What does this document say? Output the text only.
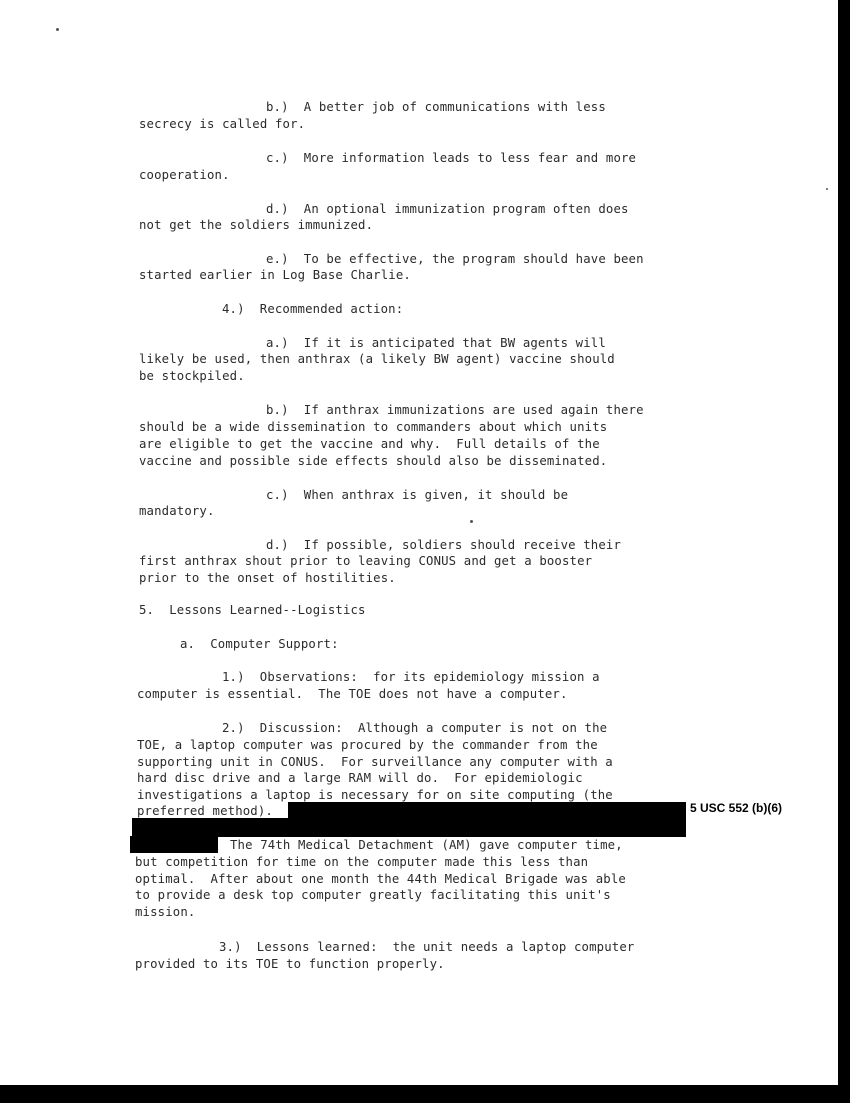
b.)  A better job of communications with less
secrecy is called for.
c.)  More information leads to less fear and more
cooperation.
d.)  An optional immunization program often does
not get the soldiers immunized.
e.)  To be effective, the program should have been
started earlier in Log Base Charlie.
4.)  Recommended action:
a.)  If it is anticipated that BW agents will
likely be used, then anthrax (a likely BW agent) vaccine should
be stockpiled.
b.)  If anthrax immunizations are used again there
should be a wide dissemination to commanders about which units
are eligible to get the vaccine and why.  Full details of the
vaccine and possible side effects should also be disseminated.
c.)  When anthrax is given, it should be
mandatory.
d.)  If possible, soldiers should receive their
first anthrax shout prior to leaving CONUS and get a booster
prior to the onset of hostilities.
5.  Lessons Learned--Logistics
a.  Computer Support:
1.)  Observations:  for its epidemiology mission a
computer is essential.  The TOE does not have a computer.
2.)  Discussion:  Although a computer is not on the
TOE, a laptop computer was procured by the commander from the
supporting unit in CONUS.  For surveillance any computer with a
hard disc drive and a large RAM will do.  For epidemiologic
investigations a laptop is necessary for on site computing (the
preferred method).	5 USC 552 (b)(6)
The 74th Medical Detachment (AM) gave computer time,
but competition for time on the computer made this less than
optimal.  After about one month the 44th Medical Brigade was able
to provide a desk top computer greatly facilitating this unit's
mission.
3.)  Lessons learned:  the unit needs a laptop computer
provided to its TOE to function properly.
